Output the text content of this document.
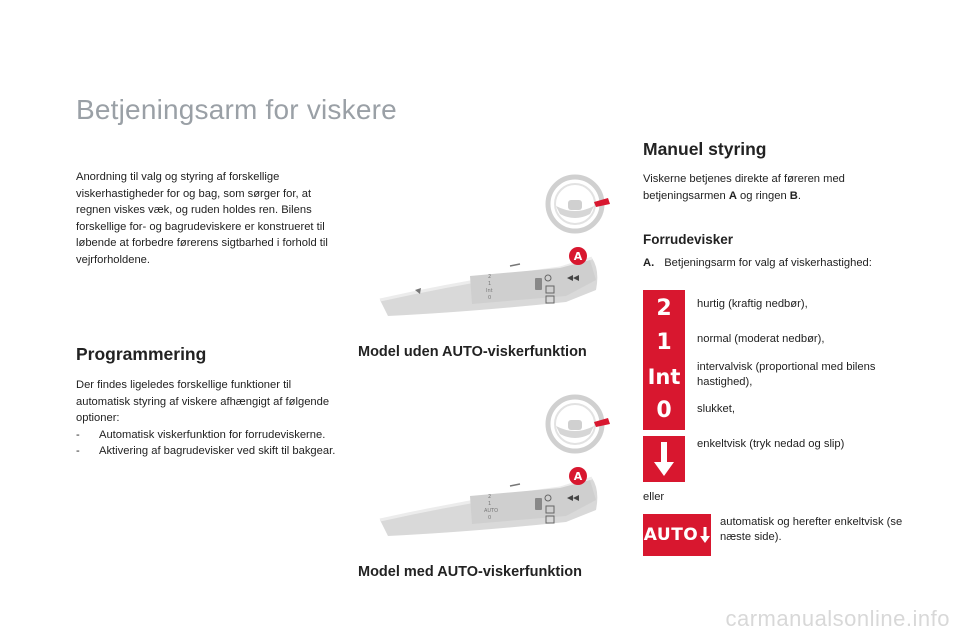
Betjeningsarm for viskere
Anordning til valg og styring af forskellige viskerhastigheder for og bag, som sørger for, at regnen viskes væk, og ruden holdes ren. Bilens forskellige for- og bagrudeviskere er konstrueret til løbende at forbedre førerens sigtbarhed i forhold til vejrforholdene.
Programmering
Der findes ligeledes forskellige funktioner til automatisk styring af viskere afhængigt af følgende optioner:
- Automatisk viskerfunktion for forrudeviskerne.
- Aktivering af bagrudevisker ved skift til bakgear.
2
1
Int
0
A
Model uden AUTO-viskerfunktion
2
1
AUTO
0
A
Model med AUTO-viskerfunktion
Manuel styring
Viskerne betjenes direkte af føreren med betjeningsarmen A og ringen B.
Forrudevisker
A. Betjeningsarm for valg af viskerhastighed:
2
1
Int
0
hurtig (kraftig nedbør),
normal (moderat nedbør),
intervalvisk (proportional med bilens hastighed),
slukket,
enkeltvisk (tryk nedad og slip)
eller
AUTO
automatisk og herefter enkeltvisk (se næste side).
carmanualsonline.info
